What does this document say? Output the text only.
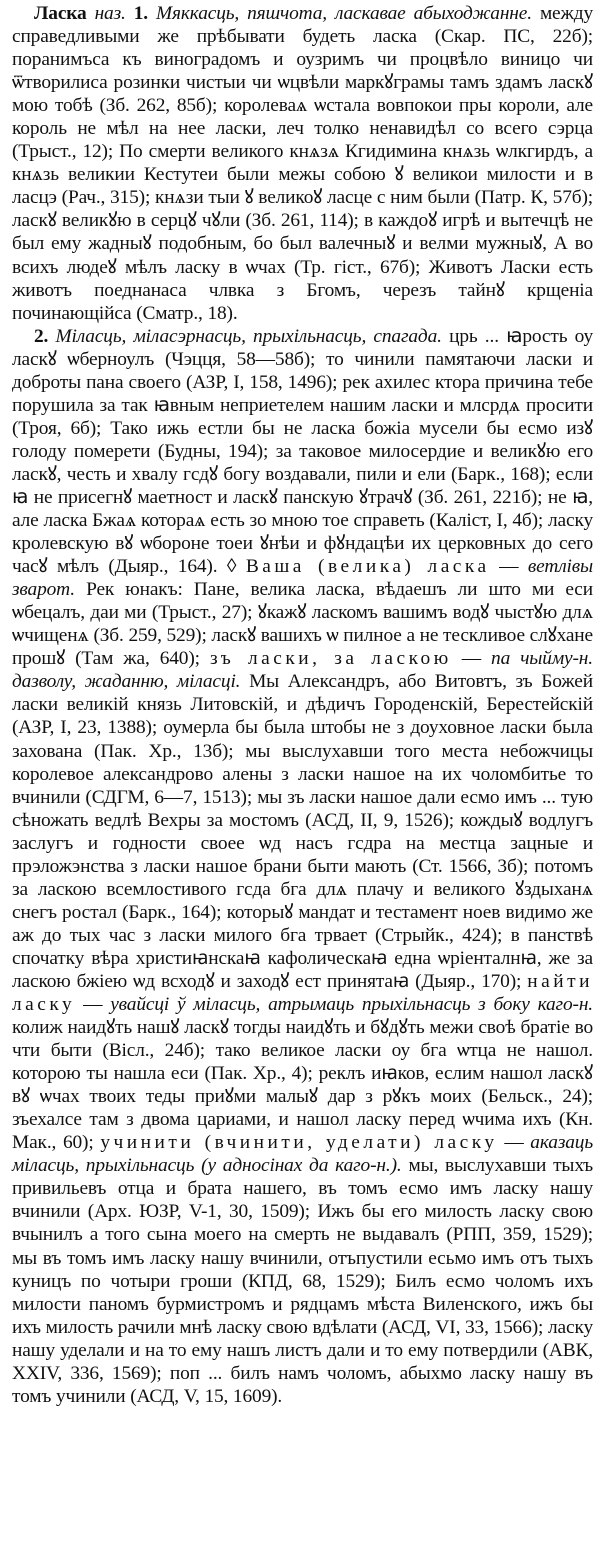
Ласка наз. 1. Мяккасць, пяшчота, ласкавае абыходжанне. между справедливыми же прѣбывати будеть ласка (Скар. ПС, 22б); поранимъса къ виноградомъ и оузримъ чи процвѣло виницо чи ѿтворилиса розинки чистыи чи ѡцвѣли маркꙋграмы тамъ здамъ ласкꙋ мою тобѣ (Зб. 262, 85б); королеваѧ ѡстала вовпокои пры короли, але король не мѣл на нее ласки, леч толко ненавидѣл со всего сэрца (Трыст., 12); По смерти великого кнѧзѧ Кгидимина кнѧзь ѡлкгирдъ, а кнѧзь великии Кестутеи были межы собою ꙋ великои милости и в ласцэ (Рач., 315); кнѧзи тыи ꙋ великоꙋ ласце с ним были (Патр. К, 57б); ласкꙋ великꙋю в серцꙋ чꙋли (Зб. 261, 114); в каждоꙋ игрѣ и вытечцѣ не был ему жадныꙋ подобным, бо был валечныꙋ и велми мужныꙋ, А во всихъ людеꙋ мѣлъ ласку в ѡчах (Тр. гіст., 67б); Животъ Ласки есть животъ поеднанаса члвка з Бгомъ, черезъ тайнꙋ крщеніа починающійса (Сматр., 18).

2. Міласць, міласэрнасць, прыхільнасць, спагада. црь ... ꙗрость оу ласкꙋ ѡберноулъ (Чэцця, 58—58б); то чинили памятаючи ласки и доброты пана своего (АЗР, I, 158, 1496); рек ахилес ктора причина тебе порушила за так ꙗвным неприетелем нашим ласки и млсрдѧ просити (Троя, 6б); Тако ижь естли бы не ласка божіа мусели бы есмо изꙋ голоду померети (Будны, 194); за таковое милосердие и великꙋю его ласкꙋ, честь и хвалу гсдꙋ богу воздавали, пили и ели (Барк., 168); если ꙗ не присегнꙋ маетност и ласкꙋ панскую ꙋтрачꙋ (Зб. 261, 221б); не ꙗ, але ласка Бжаѧ котораѧ есть зо мною тое справеть (Каліст, I, 4б); ласку кролевскую вꙋ ѡбороне тоеи ꙋнѣи и фꙋндацѣи их церковных до сего часꙋ мѣлъ (Дыяр., 164). ◊ Ваша (велика) ласка — ветлівы зварот. Рек юнакъ: Пане, велика ласка, вѣдаешъ ли што ми еси ѡбецалъ, даи ми (Трыст., 27); ꙋкажꙋ ласкомъ вашимъ водꙋ чыстꙋю длѧ ѡчищенѧ (Зб. 259, 529); ласкꙋ вашихъ ѡ пилное а не тескливое слꙋхане прошꙋ (Там жа, 640); зъ ласки, за ласкою — па чыйму-н. дазволу, жаданню, міласці. Мы Александръ, або Витовтъ, зъ Божей ласки великій князь Литовскій, и дѣдичъ Городенскій, Берестейскій (АЗР, I, 23, 1388); оумерла бы была штобы не з доуховное ласки была захована (Пак. Хр., 13б); мы выслухавши того места небожчицы королевое александрово алены з ласки нашое на их чоломбитье то вчинили (СДГМ, 6—7, 1513); мы зъ ласки нашое дали есмо имъ ... тую сѣножать ведлѣ Вехры за мостомъ (АСД, II, 9, 1526); кождыꙋ водлугъ заслугъ и годности своее ѡд насъ гсдра на местца зацные и прэложэнства з ласки нашое брани быти мають (Ст. 1566, 3б); потомъ за ласкою всемлостивого гсда бга длѧ плачу и великого ꙋздыханѧ снегъ ростал (Барк., 164); которыꙋ мандат и тестамент ноев видимо же аж до тых час з ласки милого бга трвает (Стрыйк., 424); в панствѣ спочатку вѣра христиꙗнскаꙗ кафолическаꙗ една ѡріенталнꙗ, же за ласкою бжіею ѡд всходꙋ и заходꙋ ест принятаꙗ (Дыяр., 170); найти ласку — увайсці ў міласць, атрымаць прыхільнасць з боку каго-н. колиж наидꙋть нашꙋ ласкꙋ тогды наидꙋть и бꙋдꙋть межи своѣ братіе во чти быти (Вісл., 24б); тако великое ласки оу бга ѡтца не нашол. которою ты нашла еси (Пак. Хр., 4); реклъ иꙗков, еслим нашол ласкꙋ вꙋ ѡчах твоих теды приꙋми малыꙋ дар з рꙋкъ моих (Бельск., 24); зъехалсе там з двома цариами, и нашол ласку перед ѡчима ихъ (Кн. Мак., 60); учинити (вчинити, уделати) ласку — аказаць міласць, прыхільнасць (у адносінах да каго-н.). мы, выслухавши тыхъ привильевъ отца и брата нашего, въ томъ есмо имъ ласку нашу вчинили (Арх. ЮЗР, V-1, 30, 1509); Ижъ бы его милость ласку свою вчынилъ а того сына моего на смерть не выдавалъ (РПП, 359, 1529); мы въ томъ имъ ласку нашу вчинили, отъпустили есьмо имъ отъ тыхъ куницъ по чотыри гроши (КПД, 68, 1529); Билъ есмо чоломъ ихъ милости паномъ бурмистромъ и рядцамъ мѣста Виленского, ижъ бы ихъ милость рачили мнѣ ласку свою вдѣлати (АСД, VI, 33, 1566); ласку нашу уделали и на то ему нашъ листъ дали и то ему потвердили (АВК, XXIV, 336, 1569); поп ... билъ намъ чоломъ, абыхмо ласку нашу въ томъ учинили (АСД, V, 15, 1609).
